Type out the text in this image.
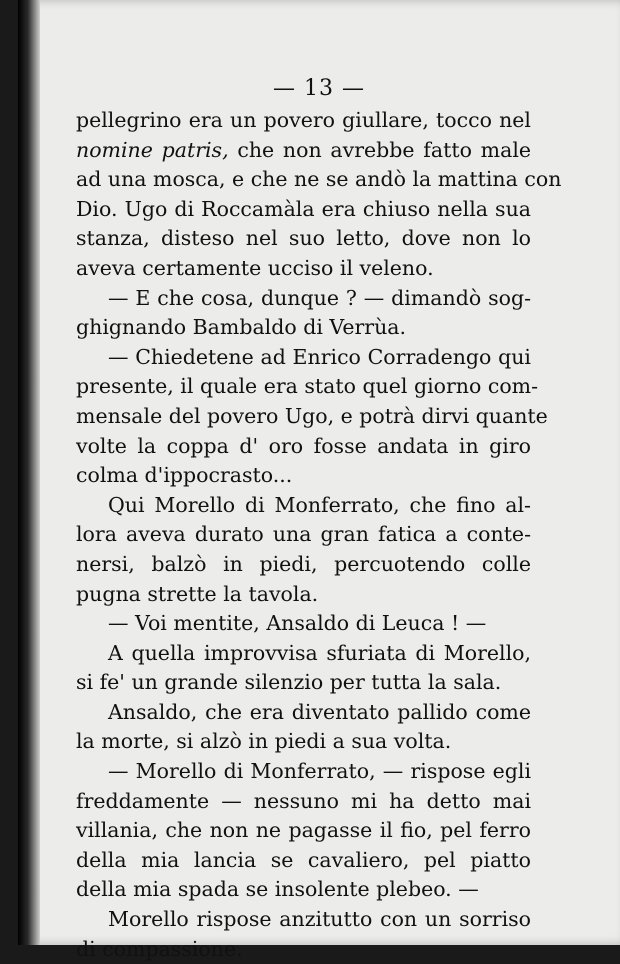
— 13 —
pellegrino era un povero giullare, tocco nel
nomine patris, che non avrebbe fatto male
ad una mosca, e che ne se andò la mattina con
Dio. Ugo di Roccamàla era chiuso nella sua
stanza, disteso nel suo letto, dove non lo
aveva certamente ucciso il veleno.
— E che cosa, dunque ? — dimandò sog-
ghignando Bambaldo di Verrùa.
— Chiedetene ad Enrico Corradengo qui
presente, il quale era stato quel giorno com-
mensale del povero Ugo, e potrà dirvi quante
volte la coppa d' oro fosse andata in giro
colma d'ippocrasto...
Qui Morello di Monferrato, che fino al-
lora aveva durato una gran fatica a conte-
nersi, balzò in piedi, percuotendo colle
pugna strette la tavola.
— Voi mentite, Ansaldo di Leuca ! —
A quella improvvisa sfuriata di Morello,
si fe' un grande silenzio per tutta la sala.
Ansaldo, che era diventato pallido come
la morte, si alzò in piedi a sua volta.
— Morello di Monferrato, — rispose egli
freddamente — nessuno mi ha detto mai
villania, che non ne pagasse il fio, pel ferro
della mia lancia se cavaliero, pel piatto
della mia spada se insolente plebeo. —
Morello rispose anzitutto con un sorriso
di compassione.
